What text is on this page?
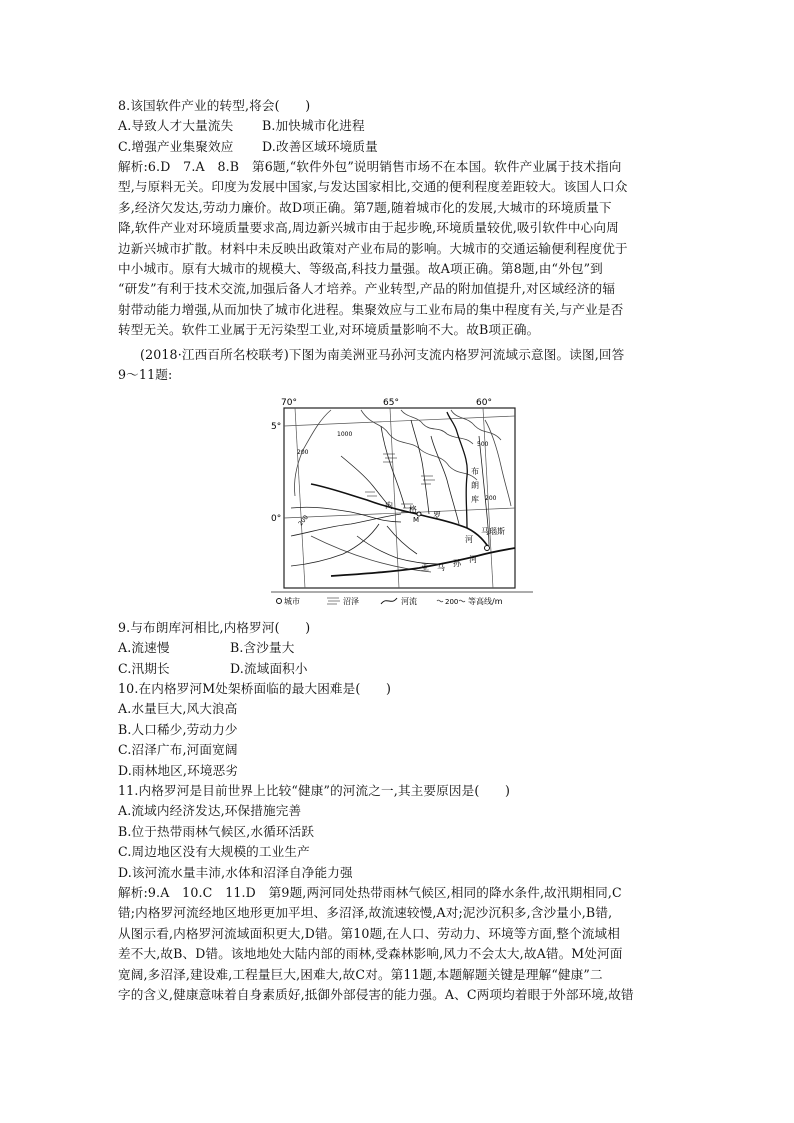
8.该国软件产业的转型,将会(　　)
A.导致人才大量流失	B.加快城市化进程
C.增强产业集聚效应	D.改善区域环境质量
解析:6.D　7.A　8.B　第6题,“软件外包”说明销售市场不在本国。软件产业属于技术指向
型,与原料无关。印度为发展中国家,与发达国家相比,交通的便利程度差距较大。该国人口众
多,经济欠发达,劳动力廉价。故D项正确。第7题,随着城市化的发展,大城市的环境质量下
降,软件产业对环境质量要求高,周边新兴城市由于起步晚,环境质量较优,吸引软件中心向周
边新兴城市扩散。材料中未反映出政策对产业布局的影响。大城市的交通运输便利程度优于
中小城市。原有大城市的规模大、等级高,科技力量强。故A项正确。第8题,由“外包”到
“研发”有利于技术交流,加强后备人才培养。产业转型,产品的附加值提升,对区域经济的辐
射带动能力增强,从而加快了城市化进程。集聚效应与工业布局的集中程度有关,与产业是否
转型无关。软件工业属于无污染型工业,对环境质量影响不大。故B项正确。
(2018·江西百所名校联考)下图为南美洲亚马孙河支流内格罗河流域示意图。读图,回答
9～11题:
70°	65°	60°
5°
0°
200
1000
500
200
200
内 格
罗
河
布
朗
库
亚 马 孙 河
M
马瑙斯
城市	沼泽	河流	200 等高线/m
9.与布朗库河相比,内格罗河(　　)
A.流速慢	B.含沙量大
C.汛期长	D.流域面积小
10.在内格罗河M处架桥面临的最大困难是(　　)
A.水量巨大,风大浪高
B.人口稀少,劳动力少
C.沼泽广布,河面宽阔
D.雨林地区,环境恶劣
11.内格罗河是目前世界上比较“健康”的河流之一,其主要原因是(　　)
A.流域内经济发达,环保措施完善
B.位于热带雨林气候区,水循环活跃
C.周边地区没有大规模的工业生产
D.该河流水量丰沛,水体和沼泽自净能力强
解析:9.A　10.C　11.D　第9题,两河同处热带雨林气候区,相同的降水条件,故汛期相同,C
错;内格罗河流经地区地形更加平坦、多沼泽,故流速较慢,A对;泥沙沉积多,含沙量小,B错,
从图示看,内格罗河流域面积更大,D错。第10题,在人口、劳动力、环境等方面,整个流域相
差不大,故B、D错。该地地处大陆内部的雨林,受森林影响,风力不会太大,故A错。M处河面
宽阔,多沼泽,建设难,工程量巨大,困难大,故C对。第11题,本题解题关键是理解“健康”二
字的含义,健康意味着自身素质好,抵御外部侵害的能力强。A、C两项均着眼于外部环境,故错
